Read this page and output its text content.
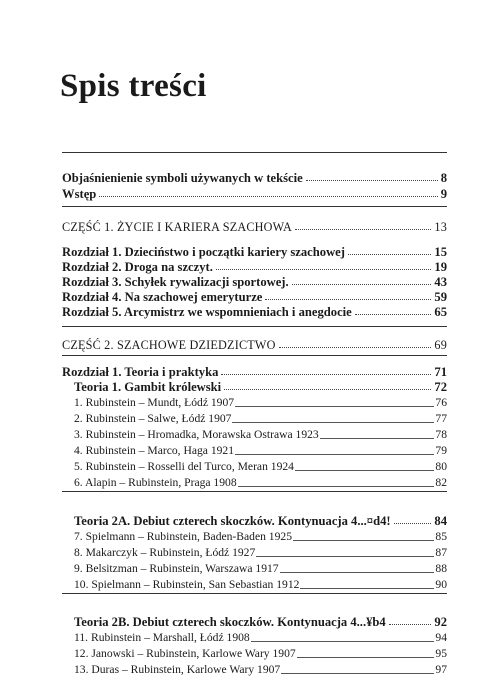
Spis treści
Objaśnienienie symboli używanych w tekście	8
Wstęp	9
CZĘŚĆ 1. ŻYCIE I KARIERA SZACHOWA	13
Rozdział 1. Dzieciństwo i początki kariery szachowej	15
Rozdział 2. Droga na szczyt.	19
Rozdział 3. Schyłek rywalizacji sportowej.	43
Rozdział 4. Na szachowej emeryturze	59
Rozdział 5. Arcymistrz we wspomnieniach i anegdocie	65
CZĘŚĆ 2. SZACHOWE DZIEDZICTWO	69
Rozdział 1. Teoria i praktyka	71
Teoria 1. Gambit królewski	72
1. Rubinstein – Mundt, Łódź 1907	76
2. Rubinstein – Salwe, Łódź 1907	77
3. Rubinstein – Hromadka, Morawska Ostrawa 1923	78
4. Rubinstein – Marco, Haga 1921	79
5. Rubinstein – Rosselli del Turco, Meran 1924	80
6. Alapin – Rubinstein, Praga 1908	82
Teoria 2A. Debiut czterech skoczków. Kontynuacja 4...¤d4!	84
7. Spielmann – Rubinstein, Baden-Baden 1925	85
8. Makarczyk – Rubinstein, Łódź 1927	87
9. Belsitzman – Rubinstein, Warszawa 1917	88
10. Spielmann – Rubinstein, San Sebastian 1912	90
Teoria 2B. Debiut czterech skoczków. Kontynuacja 4...¥b4	92
11. Rubinstein – Marshall, Łódź 1908	94
12. Janowski – Rubinstein, Karlowe Wary 1907	95
13. Duras – Rubinstein, Karlowe Wary 1907	97
